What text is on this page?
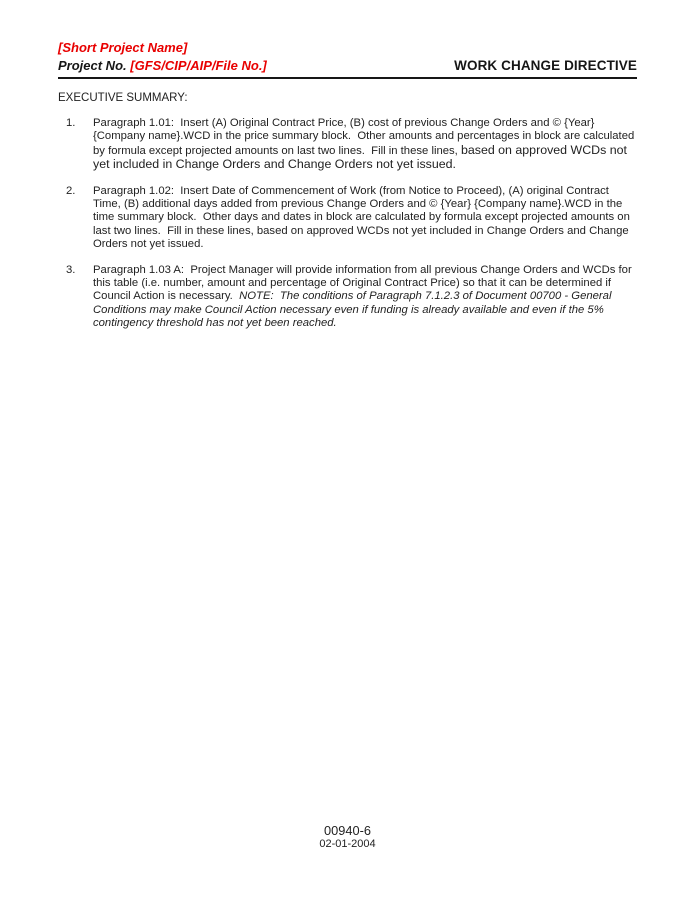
[Short Project Name]
Project No. [GFS/CIP/AIP/File No.]	WORK CHANGE DIRECTIVE
EXECUTIVE SUMMARY:
1.	Paragraph 1.01:  Insert (A) Original Contract Price, (B) cost of previous Change Orders and © {Year} {Company name}.WCD in the price summary block.  Other amounts and percentages in block are calculated by formula except projected amounts on last two lines.  Fill in these lines, based on approved WCDs not yet included in Change Orders and Change Orders not yet issued.
2.	Paragraph 1.02:  Insert Date of Commencement of Work (from Notice to Proceed), (A) original Contract Time, (B) additional days added from previous Change Orders and © {Year} {Company name}.WCD in the time summary block.  Other days and dates in block are calculated by formula except projected amounts on last two lines.  Fill in these lines, based on approved WCDs not yet included in Change Orders and Change Orders not yet issued.
3.	Paragraph 1.03 A:  Project Manager will provide information from all previous Change Orders and WCDs for this table (i.e. number, amount and percentage of Original Contract Price) so that it can be determined if Council Action is necessary.  NOTE:  The conditions of Paragraph 7.1.2.3 of Document 00700 - General Conditions may make Council Action necessary even if funding is already available and even if the 5% contingency threshold has not yet been reached.
00940-6
02-01-2004
